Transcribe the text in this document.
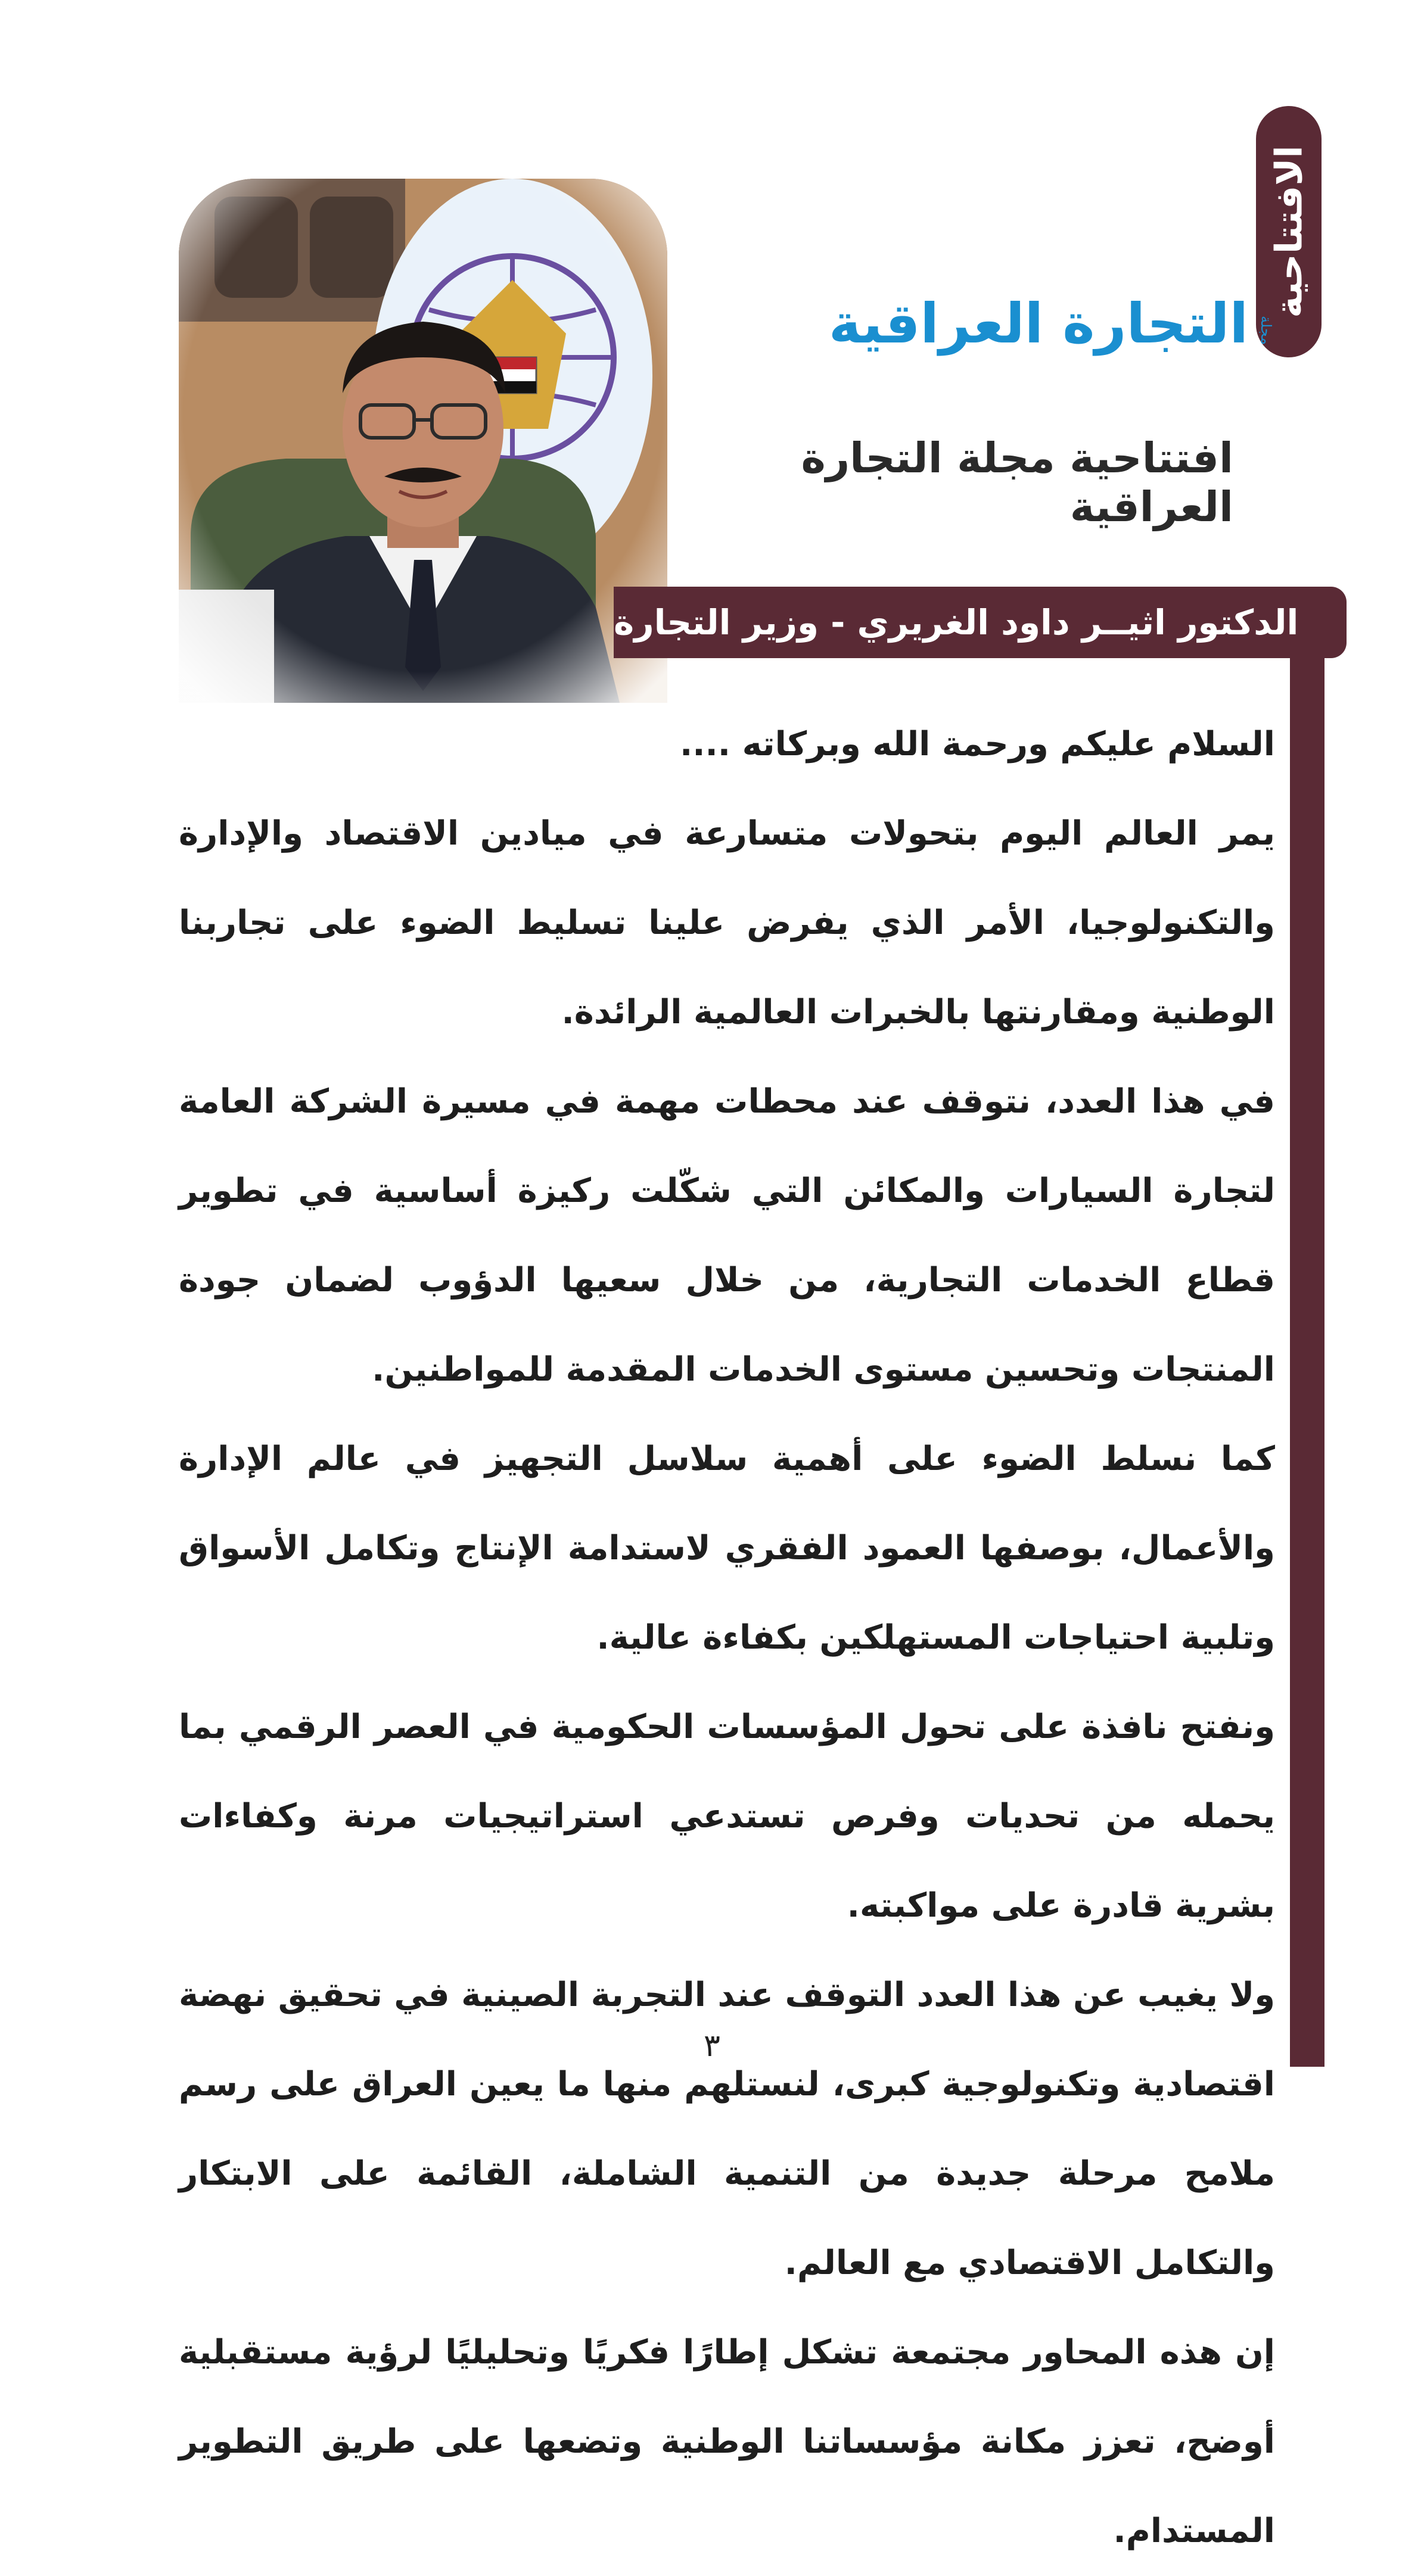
الافتتاحية
التجارة العراقية مجلة
افتتاحية مجلة التجارة العراقية
الدكتور اثيــر داود الغريري - وزير التجارة

السلام عليكم ورحمة الله وبركاته ....

يمر العالم اليوم بتحولات متسارعة في ميادين الاقتصاد والإدارة والتكنولوجيا، الأمر الذي يفرض علينا تسليط الضوء على تجاربنا الوطنية ومقارنتها بالخبرات العالمية الرائدة.

في هذا العدد، نتوقف عند محطات مهمة في مسيرة الشركة العامة لتجارة السيارات والمكائن التي شكّلت ركيزة أساسية في تطوير قطاع الخدمات التجارية، من خلال سعيها الدؤوب لضمان جودة المنتجات وتحسين مستوى الخدمات المقدمة للمواطنين.

كما نسلط الضوء على أهمية سلاسل التجهيز في عالم الإدارة والأعمال، بوصفها العمود الفقري لاستدامة الإنتاج وتكامل الأسواق وتلبية احتياجات المستهلكين بكفاءة عالية.

ونفتح نافذة على تحول المؤسسات الحكومية في العصر الرقمي بما يحمله من تحديات وفرص تستدعي استراتيجيات مرنة وكفاءات بشرية قادرة على مواكبته.

ولا يغيب عن هذا العدد التوقف عند التجربة الصينية في تحقيق نهضة اقتصادية وتكنولوجية كبرى، لنستلهم منها ما يعين العراق على رسم ملامح مرحلة جديدة من التنمية الشاملة، القائمة على الابتكار والتكامل الاقتصادي مع العالم.

إن هذه المحاور مجتمعة تشكل إطارًا فكريًا وتحليليًا لرؤية مستقبلية أوضح، تعزز مكانة مؤسساتنا الوطنية وتضعها على طريق التطوير المستدام.

٣
